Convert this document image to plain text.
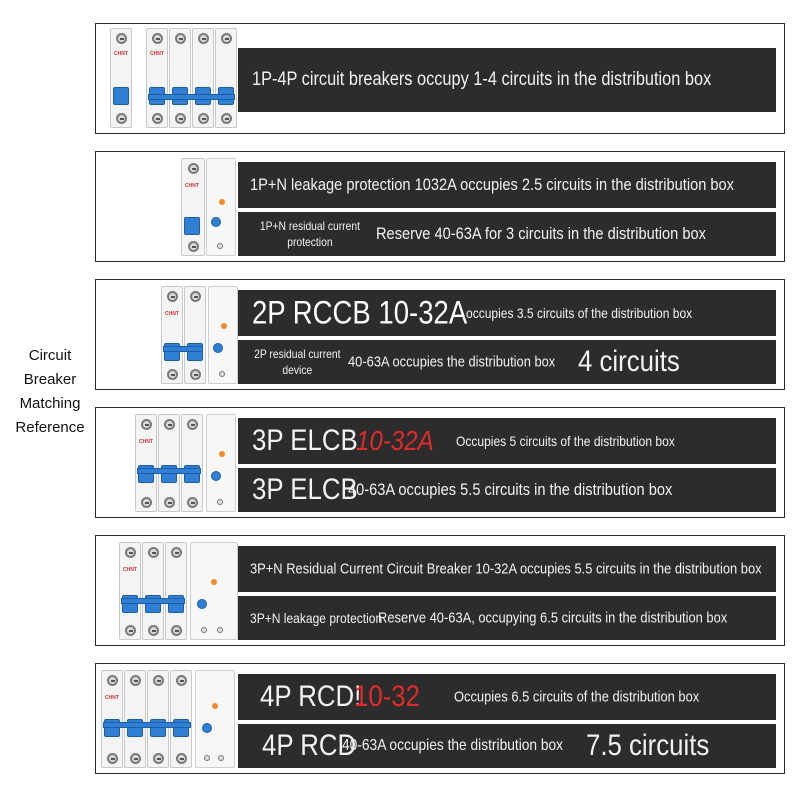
Circuit
Breaker
Matching
Reference
CHNT	CHNT
1P-4P circuit breakers occupy 1-4 circuits in the distribution box
CHNT	1P+N leakage protection 1032A occupies 2.5 circuits in the distribution box
1P+N residual current protection	Reserve 40-63A for 3 circuits in the distribution box
CHNT 2P RCCB 10-32A
occupies 3.5 circuits of the distribution box
2P residual current device	40-63A occupies the distribution box 4 circuits
CHNT	3P ELCB
10-32A Occupies 5 circuits of the distribution box
3P ELCB
40-63A occupies 5.5 circuits in the distribution box
CHNT	3P+N Residual Current Circuit Breaker 10-32A occupies 5.5 circuits in the distribution box
3P+N leakage protection
Reserve 40-63A, occupying 6.5 circuits in the distribution box
CHNT	4P RCD!
10-32 Occupies 6.5 circuits of the distribution box
4P RCD
40-63A occupies the distribution box 7.5 circuits
